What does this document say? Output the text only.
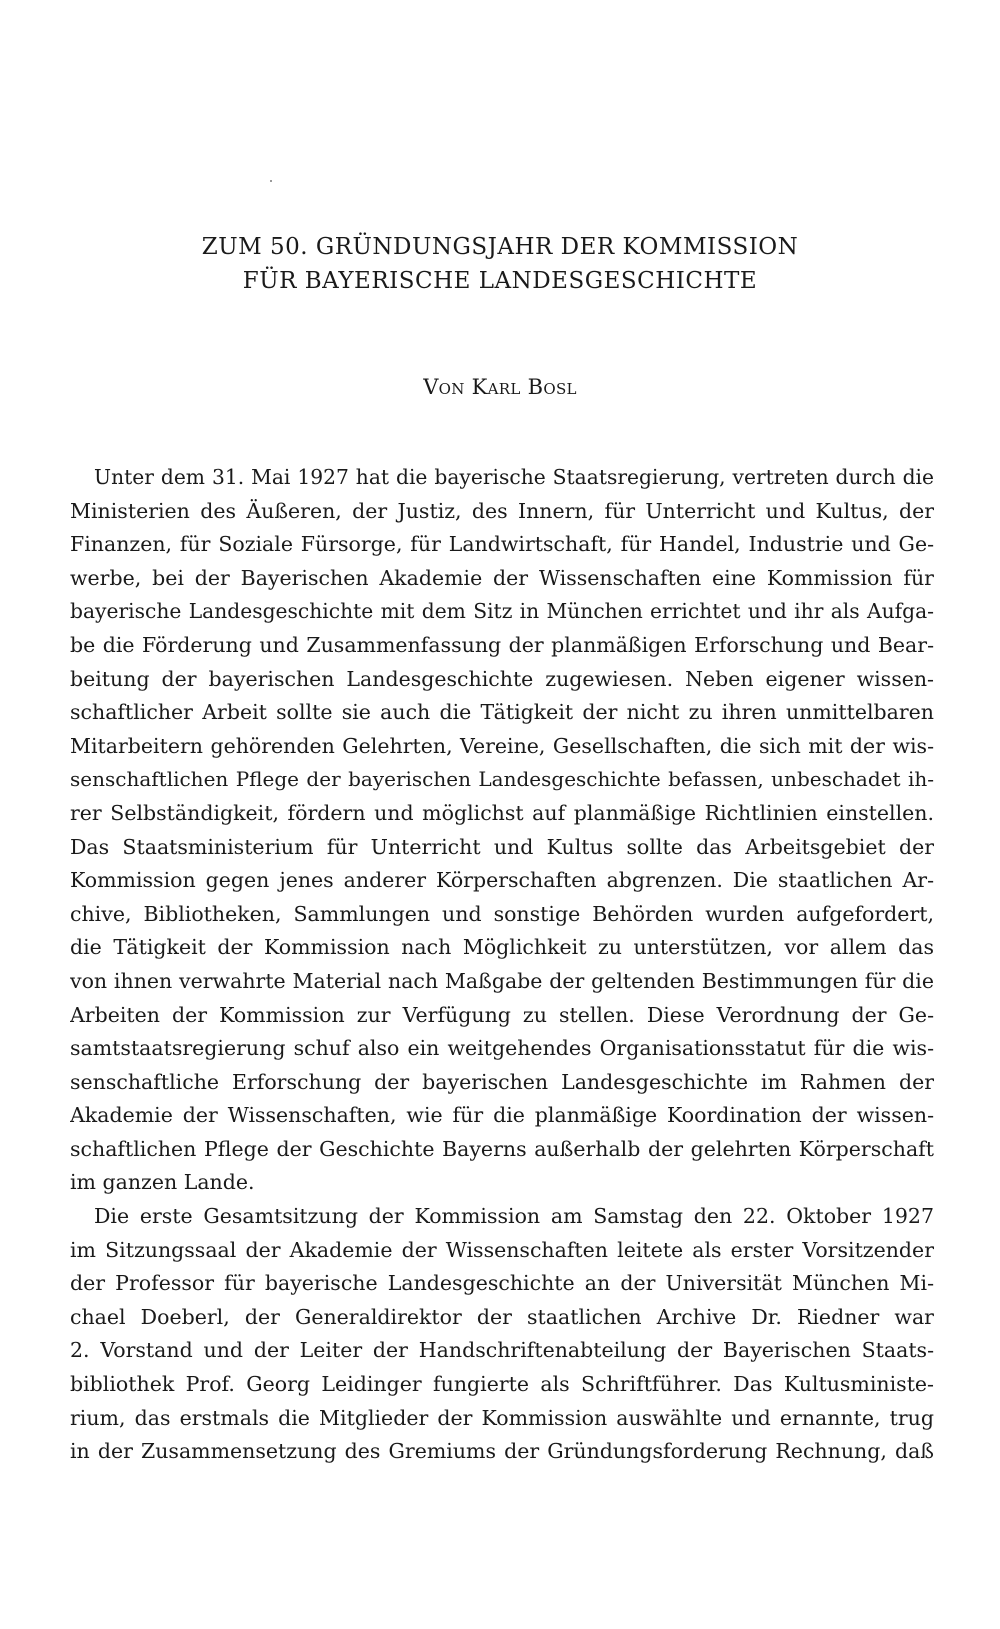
ZUM 50. GRÜNDUNGSJAHR DER KOMMISSION
FÜR BAYERISCHE LANDESGESCHICHTE
Von Karl Bosl
Unter dem 31. Mai 1927 hat die bayerische Staatsregierung, vertreten durch die
Ministerien des Äußeren, der Justiz, des Innern, für Unterricht und Kultus, der
Finanzen, für Soziale Fürsorge, für Landwirtschaft, für Handel, Industrie und Ge-
werbe, bei der Bayerischen Akademie der Wissenschaften eine Kommission für
bayerische Landesgeschichte mit dem Sitz in München errichtet und ihr als Aufga-
be die Förderung und Zusammenfassung der planmäßigen Erforschung und Bear-
beitung der bayerischen Landesgeschichte zugewiesen. Neben eigener wissen-
schaftlicher Arbeit sollte sie auch die Tätigkeit der nicht zu ihren unmittelbaren
Mitarbeitern gehörenden Gelehrten, Vereine, Gesellschaften, die sich mit der wis-
senschaftlichen Pflege der bayerischen Landesgeschichte befassen, unbeschadet ih-
rer Selbständigkeit, fördern und möglichst auf planmäßige Richtlinien einstellen.
Das Staatsministerium für Unterricht und Kultus sollte das Arbeitsgebiet der
Kommission gegen jenes anderer Körperschaften abgrenzen. Die staatlichen Ar-
chive, Bibliotheken, Sammlungen und sonstige Behörden wurden aufgefordert,
die Tätigkeit der Kommission nach Möglichkeit zu unterstützen, vor allem das
von ihnen verwahrte Material nach Maßgabe der geltenden Bestimmungen für die
Arbeiten der Kommission zur Verfügung zu stellen. Diese Verordnung der Ge-
samtstaatsregierung schuf also ein weitgehendes Organisationsstatut für die wis-
senschaftliche Erforschung der bayerischen Landesgeschichte im Rahmen der
Akademie der Wissenschaften, wie für die planmäßige Koordination der wissen-
schaftlichen Pflege der Geschichte Bayerns außerhalb der gelehrten Körperschaft
im ganzen Lande.
Die erste Gesamtsitzung der Kommission am Samstag den 22. Oktober 1927
im Sitzungssaal der Akademie der Wissenschaften leitete als erster Vorsitzender
der Professor für bayerische Landesgeschichte an der Universität München Mi-
chael Doeberl, der Generaldirektor der staatlichen Archive Dr. Riedner war
2. Vorstand und der Leiter der Handschriftenabteilung der Bayerischen Staats-
bibliothek Prof. Georg Leidinger fungierte als Schriftführer. Das Kultusministe-
rium, das erstmals die Mitglieder der Kommission auswählte und ernannte, trug
in der Zusammensetzung des Gremiums der Gründungsforderung Rechnung, daß
